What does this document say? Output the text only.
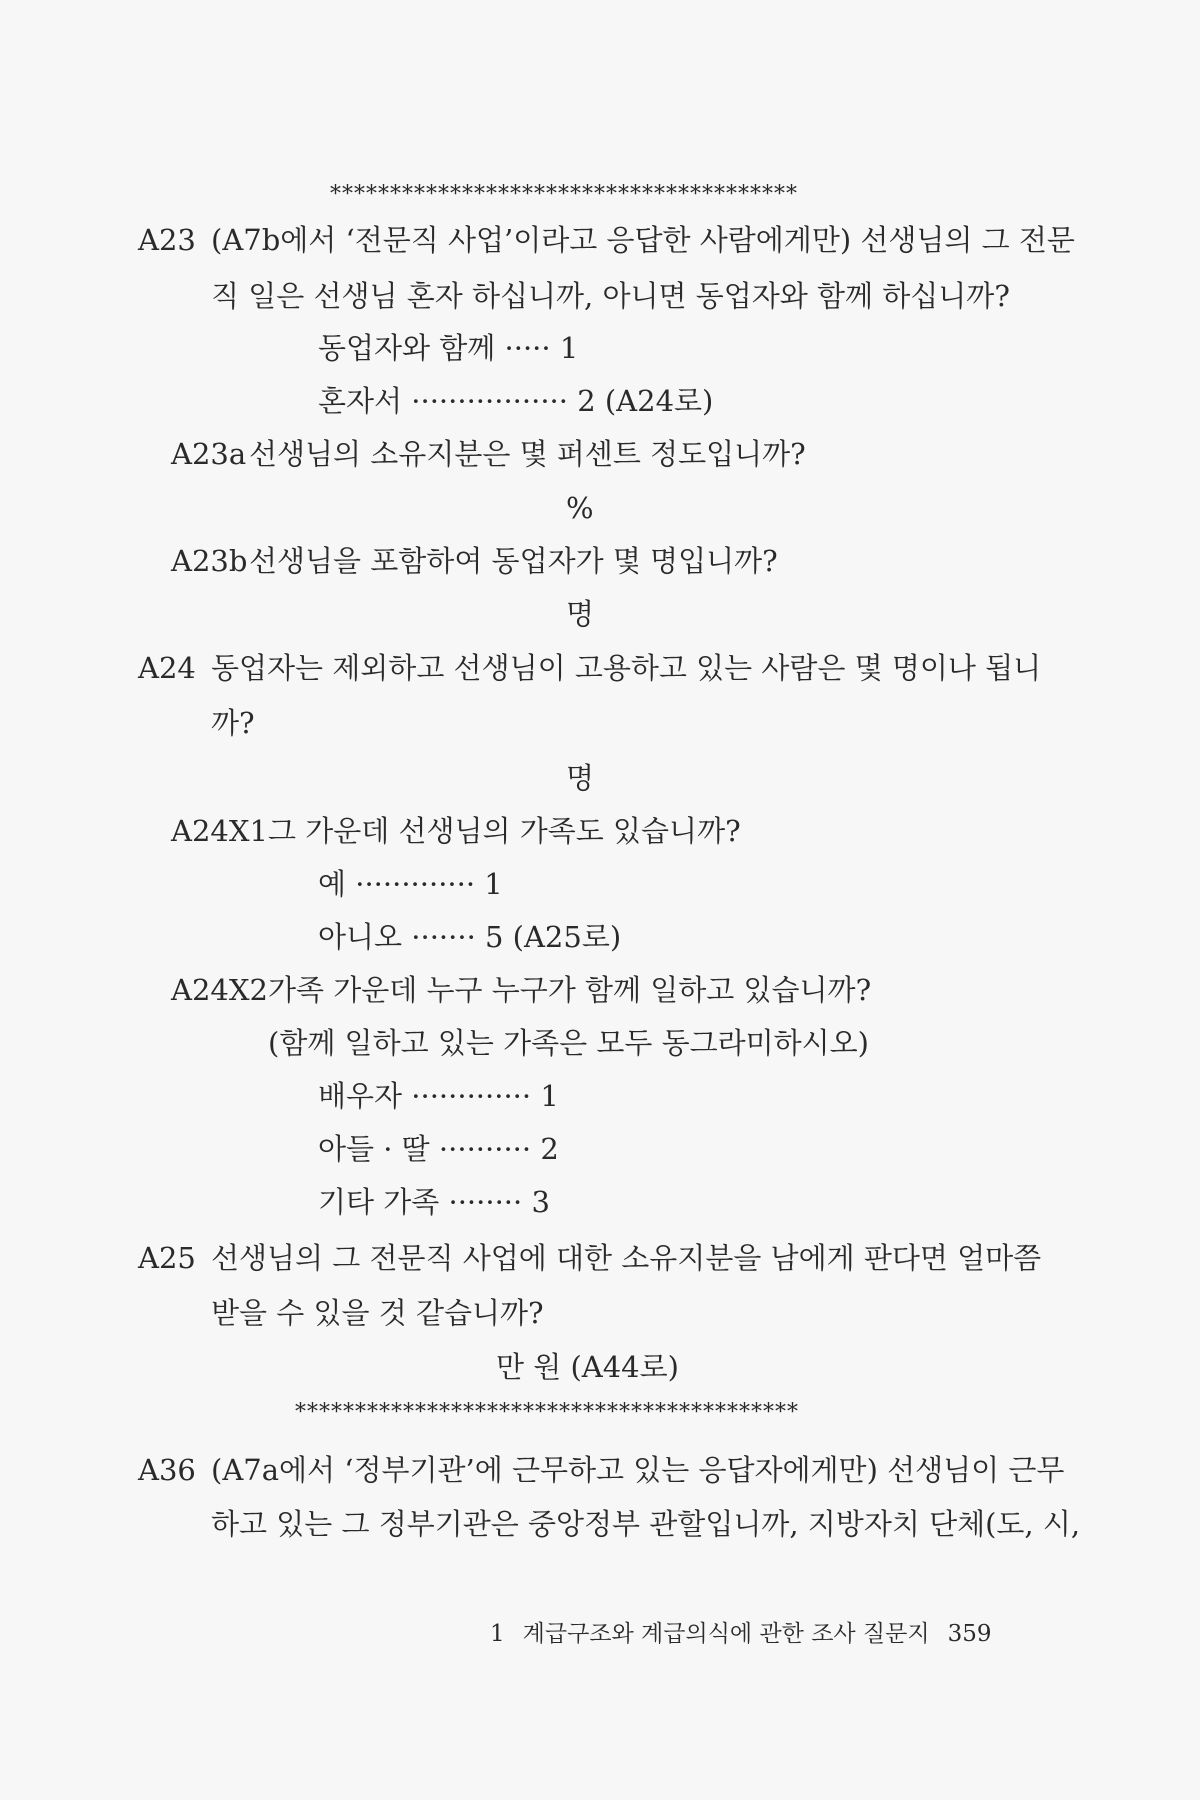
***************************************
A23 (A7b에서 ‘전문직 사업’이라고 응답한 사람에게만) 선생님의 그 전문
직 일은 선생님 혼자 하십니까, 아니면 동업자와 함께 하십니까?
동업자와 함께 ····· 1
혼자서 ················· 2 (A24로)
A23a선생님의 소유지분은 몇 퍼센트 정도입니까?
%
A23b선생님을 포함하여 동업자가 몇 명입니까?
명
A24 동업자는 제외하고 선생님이 고용하고 있는 사람은 몇 명이나 됩니
까?
명
A24X1그 가운데 선생님의 가족도 있습니까?
예 ············· 1
아니오 ······· 5 (A25로)
A24X2가족 가운데 누구 누구가 함께 일하고 있습니까?
(함께 일하고 있는 가족은 모두 동그라미하시오)
배우자 ············· 1
아들 · 딸 ·········· 2
기타 가족 ········ 3
A25 선생님의 그 전문직 사업에 대한 소유지분을 남에게 판다면 얼마쯤
받을 수 있을 것 같습니까?
만 원 (A44로)
******************************************
A36 (A7a에서 ‘정부기관’에 근무하고 있는 응답자에게만) 선생님이 근무
하고 있는 그 정부기관은 중앙정부 관할입니까, 지방자치 단체(도, 시,
1 계급구조와 계급의식에 관한 조사 질문지 359
